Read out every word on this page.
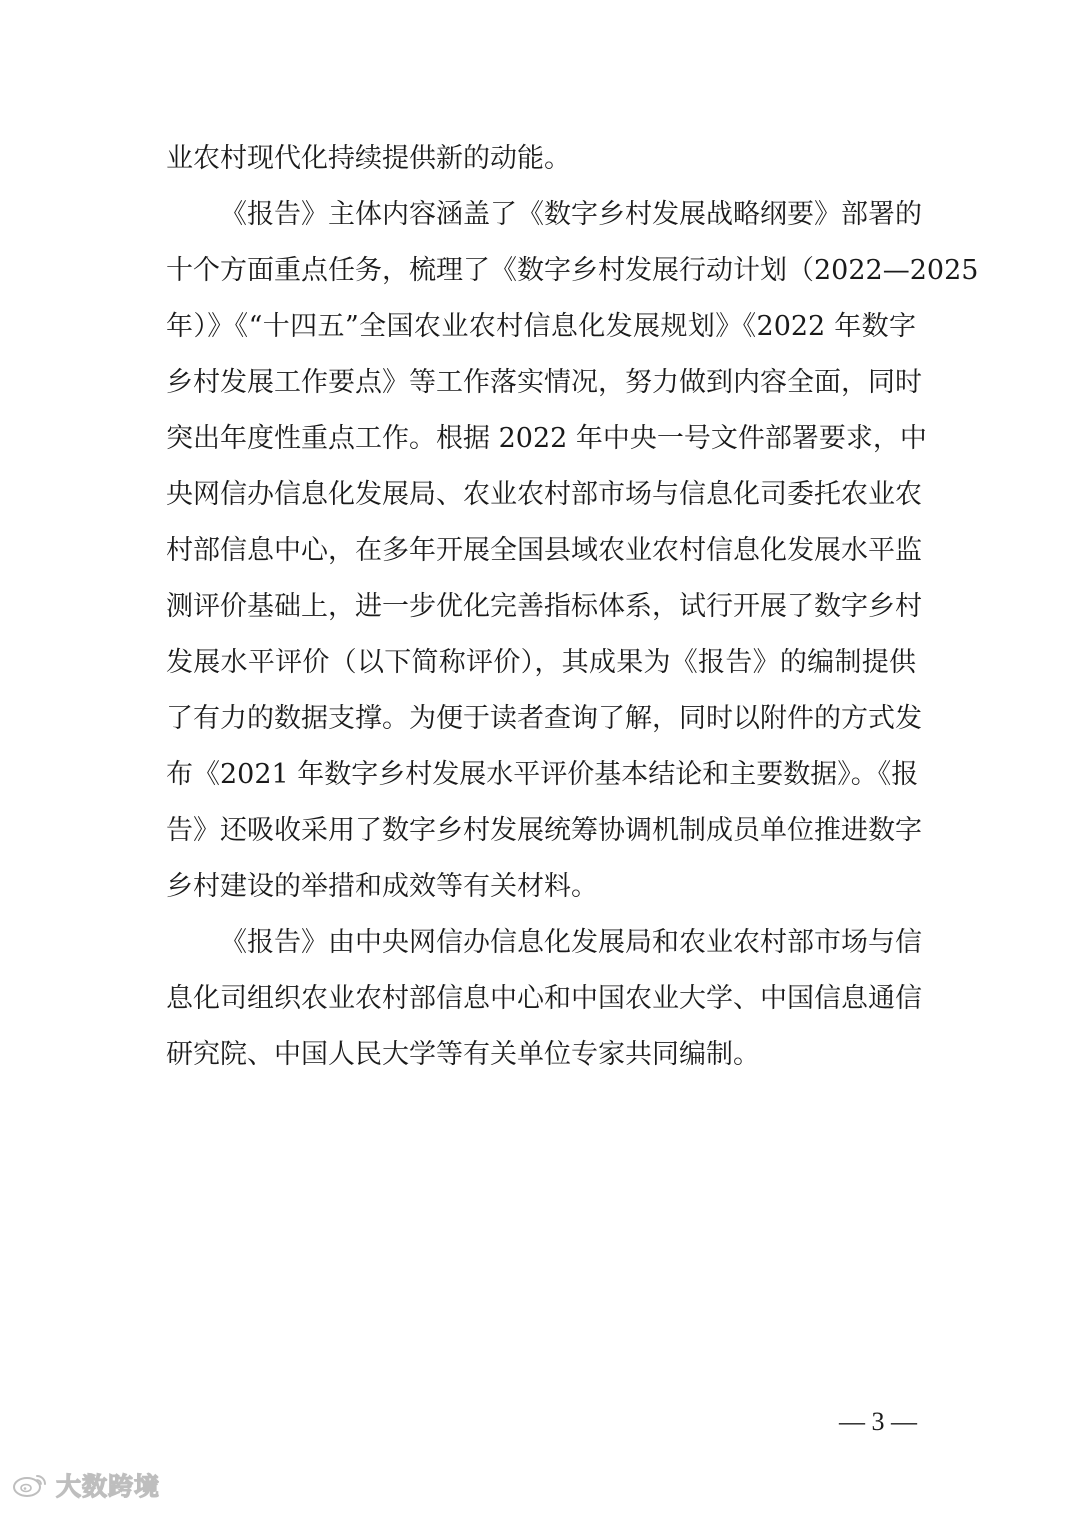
业农村现代化持续提供新的动能。
《报告》主体内容涵盖了《数字乡村发展战略纲要》部署的
十个方面重点任务，梳理了《数字乡村发展行动计划（2022—2025
年）》《“十四五”全国农业农村信息化发展规划》《2022 年数字
乡村发展工作要点》等工作落实情况，努力做到内容全面，同时
突出年度性重点工作。根据 2022 年中央一号文件部署要求，中
央网信办信息化发展局、农业农村部市场与信息化司委托农业农
村部信息中心，在多年开展全国县域农业农村信息化发展水平监
测评价基础上，进一步优化完善指标体系，试行开展了数字乡村
发展水平评价（以下简称评价），其成果为《报告》的编制提供
了有力的数据支撑。为便于读者查询了解，同时以附件的方式发
布《2021 年数字乡村发展水平评价基本结论和主要数据》。《报
告》还吸收采用了数字乡村发展统筹协调机制成员单位推进数字
乡村建设的举措和成效等有关材料。
《报告》由中央网信办信息化发展局和农业农村部市场与信
息化司组织农业农村部信息中心和中国农业大学、中国信息通信
研究院、中国人民大学等有关单位专家共同编制。
— 3 —
大数跨境
